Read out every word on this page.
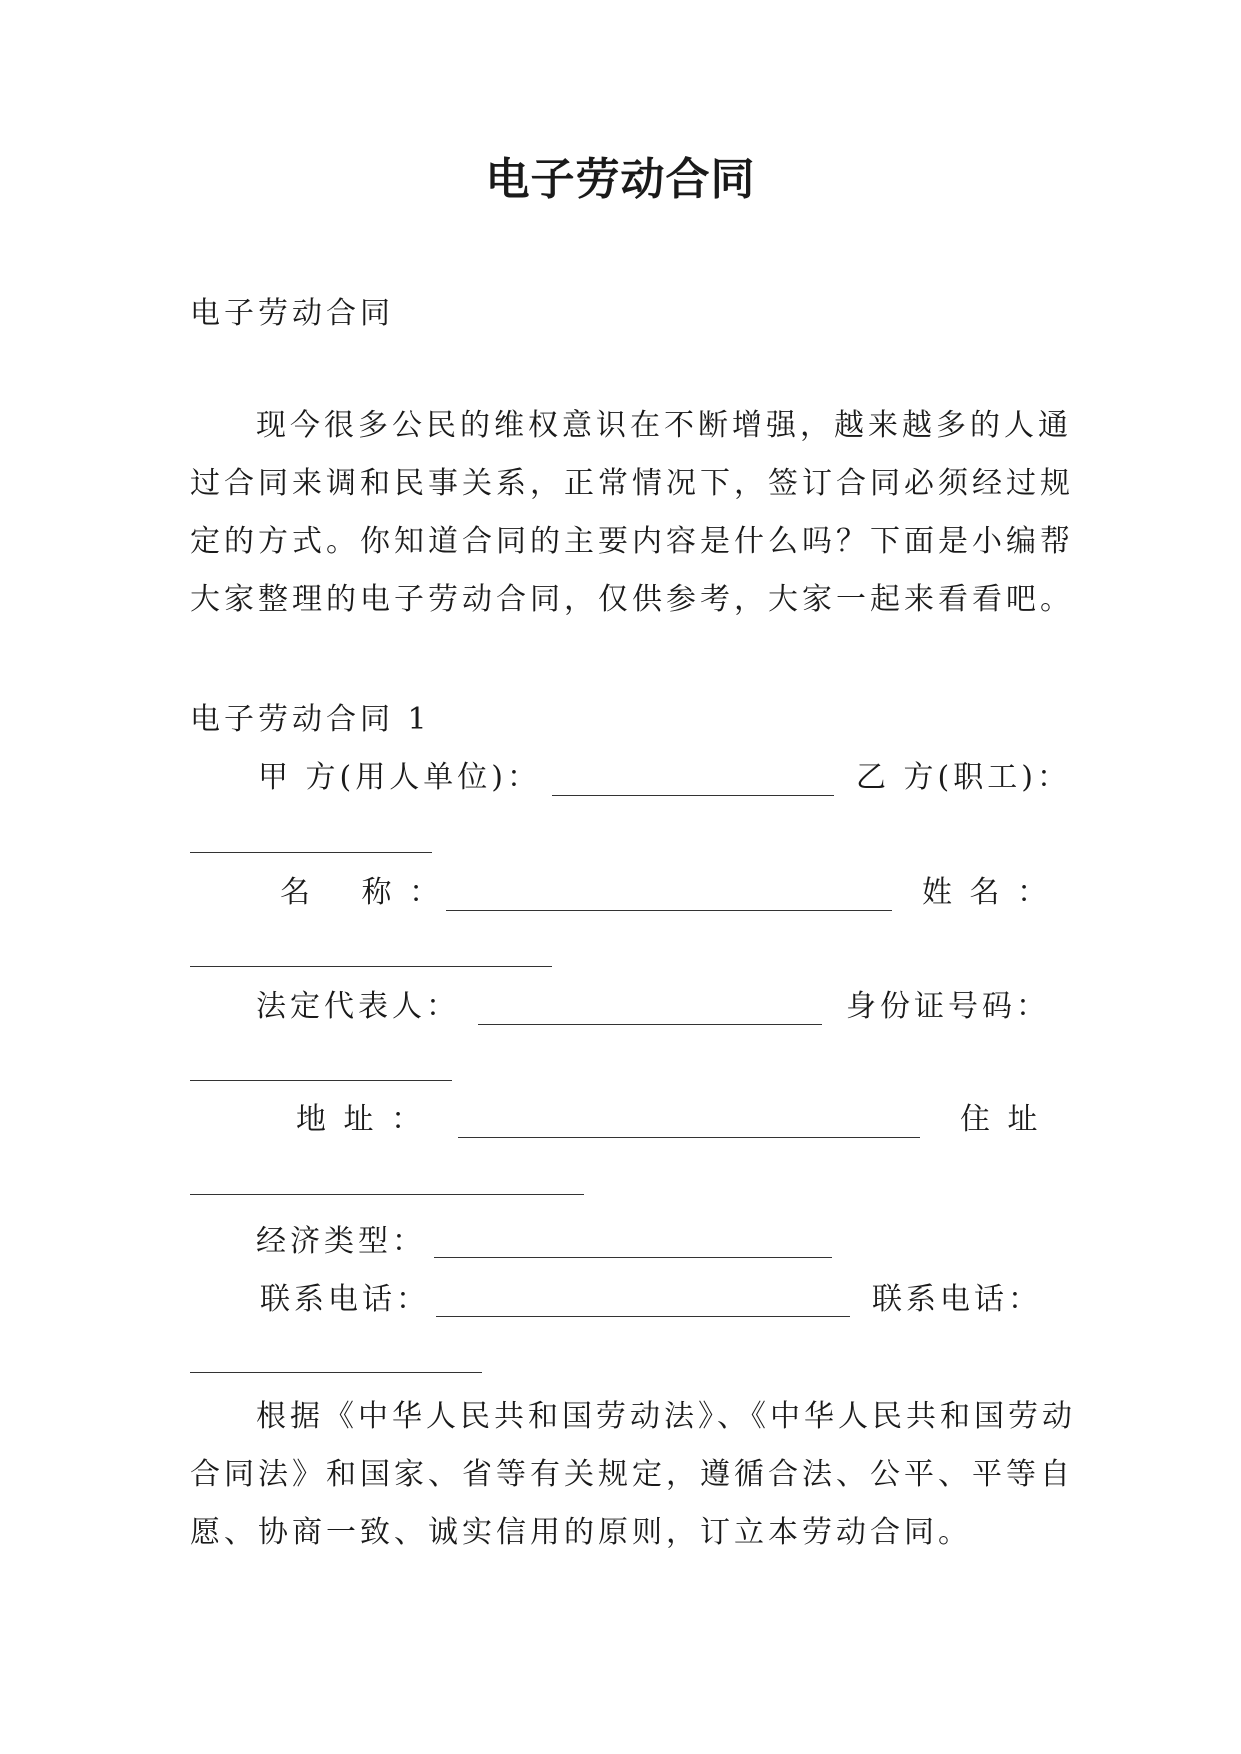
电子劳动合同
电子劳动合同
现今很多公民的维权意识在不断增强，越来越多的人通
过合同来调和民事关系，正常情况下，签订合同必须经过规
定的方式。你知道合同的主要内容是什么吗？下面是小编帮
大家整理的电子劳动合同，仅供参考，大家一起来看看吧。
电子劳动合同 1
甲 方(用人单位)：	乙 方(职工)：
名　 称 ：	姓 名 ：
法定代表人：	身份证号码：
地 址 ：	住 址
经济类型：
联系电话：	联系电话：
根据《中华人民共和国劳动法》、《中华人民共和国劳动
合同法》和国家、省等有关规定，遵循合法、公平、平等自
愿、协商一致、诚实信用的原则，订立本劳动合同。
